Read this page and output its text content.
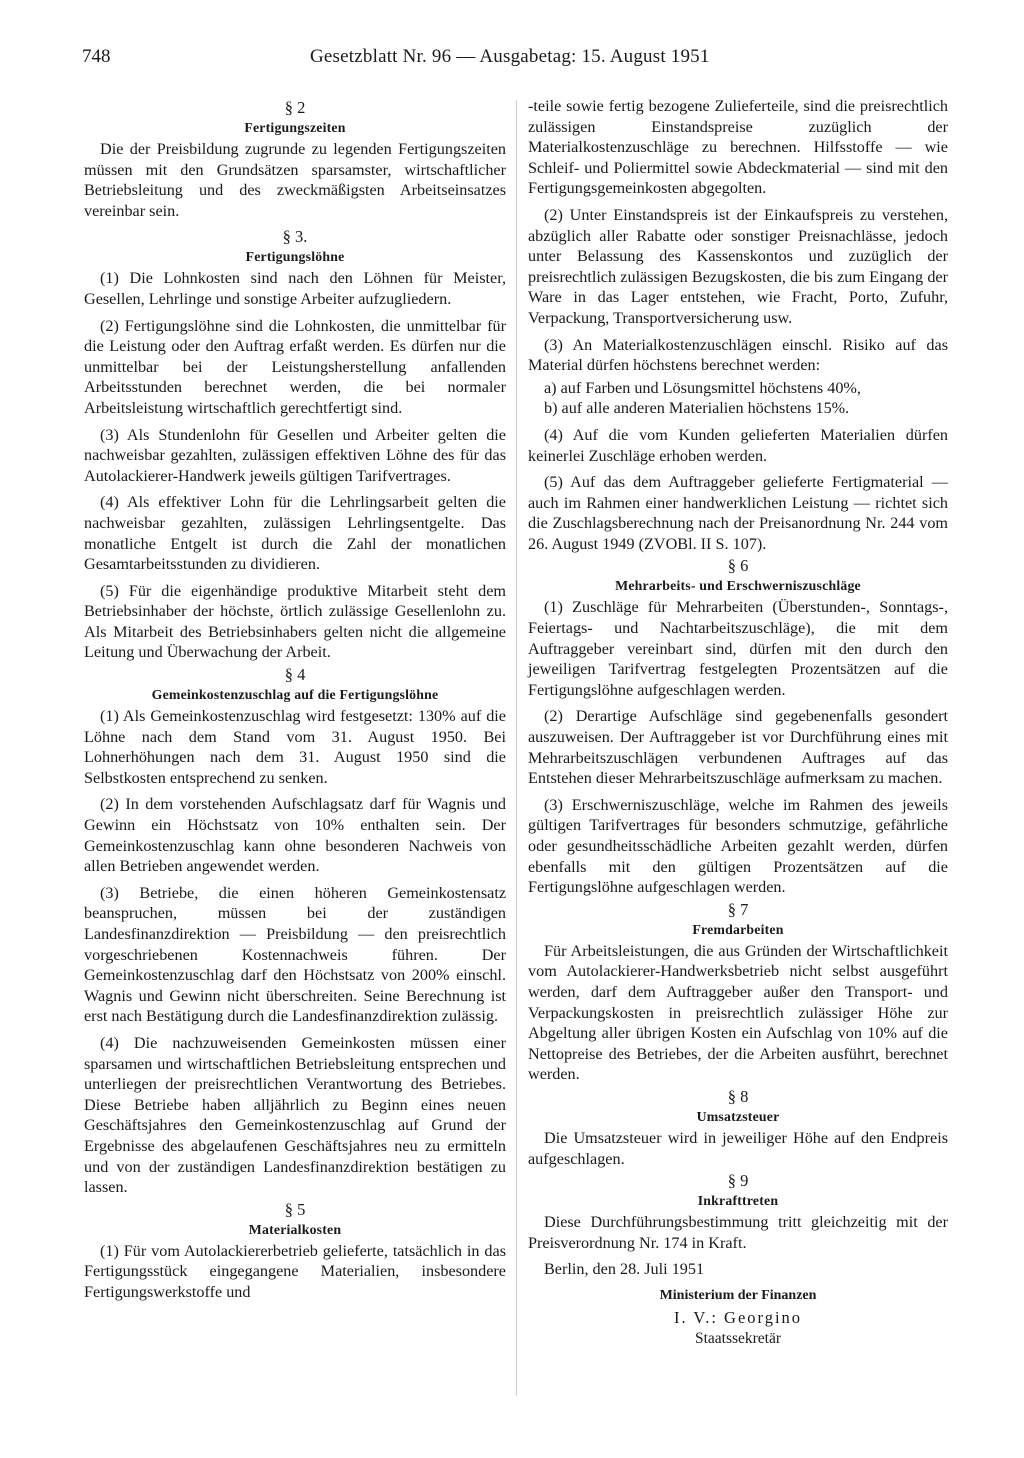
748	Gesetzblatt Nr. 96 — Ausgabetag: 15. August 1951
§ 2
Fertigungszeiten

Die der Preisbildung zugrunde zu legenden Fertigungszeiten müssen mit den Grundsätzen sparsamster, wirtschaftlicher Betriebsleitung und des zweckmäßigsten Arbeitseinsatzes vereinbar sein.

§ 3.
Fertigungslöhne

(1) Die Lohnkosten sind nach den Löhnen für Meister, Gesellen, Lehrlinge und sonstige Arbeiter aufzugliedern.

(2) Fertigungslöhne sind die Lohnkosten, die unmittelbar für die Leistung oder den Auftrag erfaßt werden. Es dürfen nur die unmittelbar bei der Leistungsherstellung anfallenden Arbeitsstunden berechnet werden, die bei normaler Arbeitsleistung wirtschaftlich gerechtfertigt sind.

(3) Als Stundenlohn für Gesellen und Arbeiter gelten die nachweisbar gezahlten, zulässigen effektiven Löhne des für das Autolackierer-Handwerk jeweils gültigen Tarifvertrages.

(4) Als effektiver Lohn für die Lehrlingsarbeit gelten die nachweisbar gezahlten, zulässigen Lehrlingsentgelte. Das monatliche Entgelt ist durch die Zahl der monatlichen Gesamtarbeitsstunden zu dividieren.

(5) Für die eigenhändige produktive Mitarbeit steht dem Betriebsinhaber der höchste, örtlich zulässige Gesellenlohn zu. Als Mitarbeit des Betriebsinhabers gelten nicht die allgemeine Leitung und Überwachung der Arbeit.

§ 4
Gemeinkostenzuschlag auf die Fertigungslöhne

(1) Als Gemeinkostenzuschlag wird festgesetzt: 130% auf die Löhne nach dem Stand vom 31. August 1950. Bei Lohnerhöhungen nach dem 31. August 1950 sind die Selbstkosten entsprechend zu senken.

(2) In dem vorstehenden Aufschlagsatz darf für Wagnis und Gewinn ein Höchstsatz von 10% enthalten sein. Der Gemeinkostenzuschlag kann ohne besonderen Nachweis von allen Betrieben angewendet werden.

(3) Betriebe, die einen höheren Gemeinkostensatz beanspruchen, müssen bei der zuständigen Landesfinanzdirektion — Preisbildung — den preisrechtlich vorgeschriebenen Kostennachweis führen. Der Gemeinkostenzuschlag darf den Höchstsatz von 200% einschl. Wagnis und Gewinn nicht überschreiten. Seine Berechnung ist erst nach Bestätigung durch die Landesfinanzdirektion zulässig.

(4) Die nachzuweisenden Gemeinkosten müssen einer sparsamen und wirtschaftlichen Betriebsleitung entsprechen und unterliegen der preisrechtlichen Verantwortung des Betriebes. Diese Betriebe haben alljährlich zu Beginn eines neuen Geschäftsjahres den Gemeinkostenzuschlag auf Grund der Ergebnisse des abgelaufenen Geschäftsjahres neu zu ermitteln und von der zuständigen Landesfinanzdirektion bestätigen zu lassen.

§ 5
Materialkosten

(1) Für vom Autolackiererbetrieb gelieferte, tatsächlich in das Fertigungsstück eingegangene Materialien, insbesondere Fertigungswerkstoffe und

-teile sowie fertig bezogene Zulieferteile, sind die preisrechtlich zulässigen Einstandspreise zuzüglich der Materialkostenzuschläge zu berechnen. Hilfsstoffe — wie Schleif- und Poliermittel sowie Abdeckmaterial — sind mit den Fertigungsgemeinkosten abgegolten.

(2) Unter Einstandspreis ist der Einkaufspreis zu verstehen, abzüglich aller Rabatte oder sonstiger Preisnachlässe, jedoch unter Belassung des Kassenskontos und zuzüglich der preisrechtlich zulässigen Bezugskosten, die bis zum Eingang der Ware in das Lager entstehen, wie Fracht, Porto, Zufuhr, Verpackung, Transportversicherung usw.

(3) An Materialkostenzuschlägen einschl. Risiko auf das Material dürfen höchstens berechnet werden:

a) auf Farben und Lösungsmittel höchstens 40%,

b) auf alle anderen Materialien höchstens 15%.

(4) Auf die vom Kunden gelieferten Materialien dürfen keinerlei Zuschläge erhoben werden.

(5) Auf das dem Auftraggeber gelieferte Fertigmaterial — auch im Rahmen einer handwerklichen Leistung — richtet sich die Zuschlagsberechnung nach der Preisanordnung Nr. 244 vom 26. August 1949 (ZVOBl. II S. 107).

§ 6
Mehrarbeits- und Erschwerniszuschläge

(1) Zuschläge für Mehrarbeiten (Überstunden-, Sonntags-, Feiertags- und Nachtarbeitszuschläge), die mit dem Auftraggeber vereinbart sind, dürfen mit den durch den jeweiligen Tarifvertrag festgelegten Prozentsätzen auf die Fertigungslöhne aufgeschlagen werden.

(2) Derartige Aufschläge sind gegebenenfalls gesondert auszuweisen. Der Auftraggeber ist vor Durchführung eines mit Mehrarbeitszuschlägen verbundenen Auftrages auf das Entstehen dieser Mehrarbeitszuschläge aufmerksam zu machen.

(3) Erschwerniszuschläge, welche im Rahmen des jeweils gültigen Tarifvertrages für besonders schmutzige, gefährliche oder gesundheitsschädliche Arbeiten gezahlt werden, dürfen ebenfalls mit den gültigen Prozentsätzen auf die Fertigungslöhne aufgeschlagen werden.

§ 7
Fremdarbeiten

Für Arbeitsleistungen, die aus Gründen der Wirtschaftlichkeit vom Autolackierer-Handwerksbetrieb nicht selbst ausgeführt werden, darf dem Auftraggeber außer den Transport- und Verpackungskosten in preisrechtlich zulässiger Höhe zur Abgeltung aller übrigen Kosten ein Aufschlag von 10% auf die Nettopreise des Betriebes, der die Arbeiten ausführt, berechnet werden.

§ 8
Umsatzsteuer

Die Umsatzsteuer wird in jeweiliger Höhe auf den Endpreis aufgeschlagen.

§ 9
Inkrafttreten

Diese Durchführungsbestimmung tritt gleichzeitig mit der Preisverordnung Nr. 174 in Kraft.

Berlin, den 28. Juli 1951

Ministerium der Finanzen
I. V.: Georgino
Staatssekretär
